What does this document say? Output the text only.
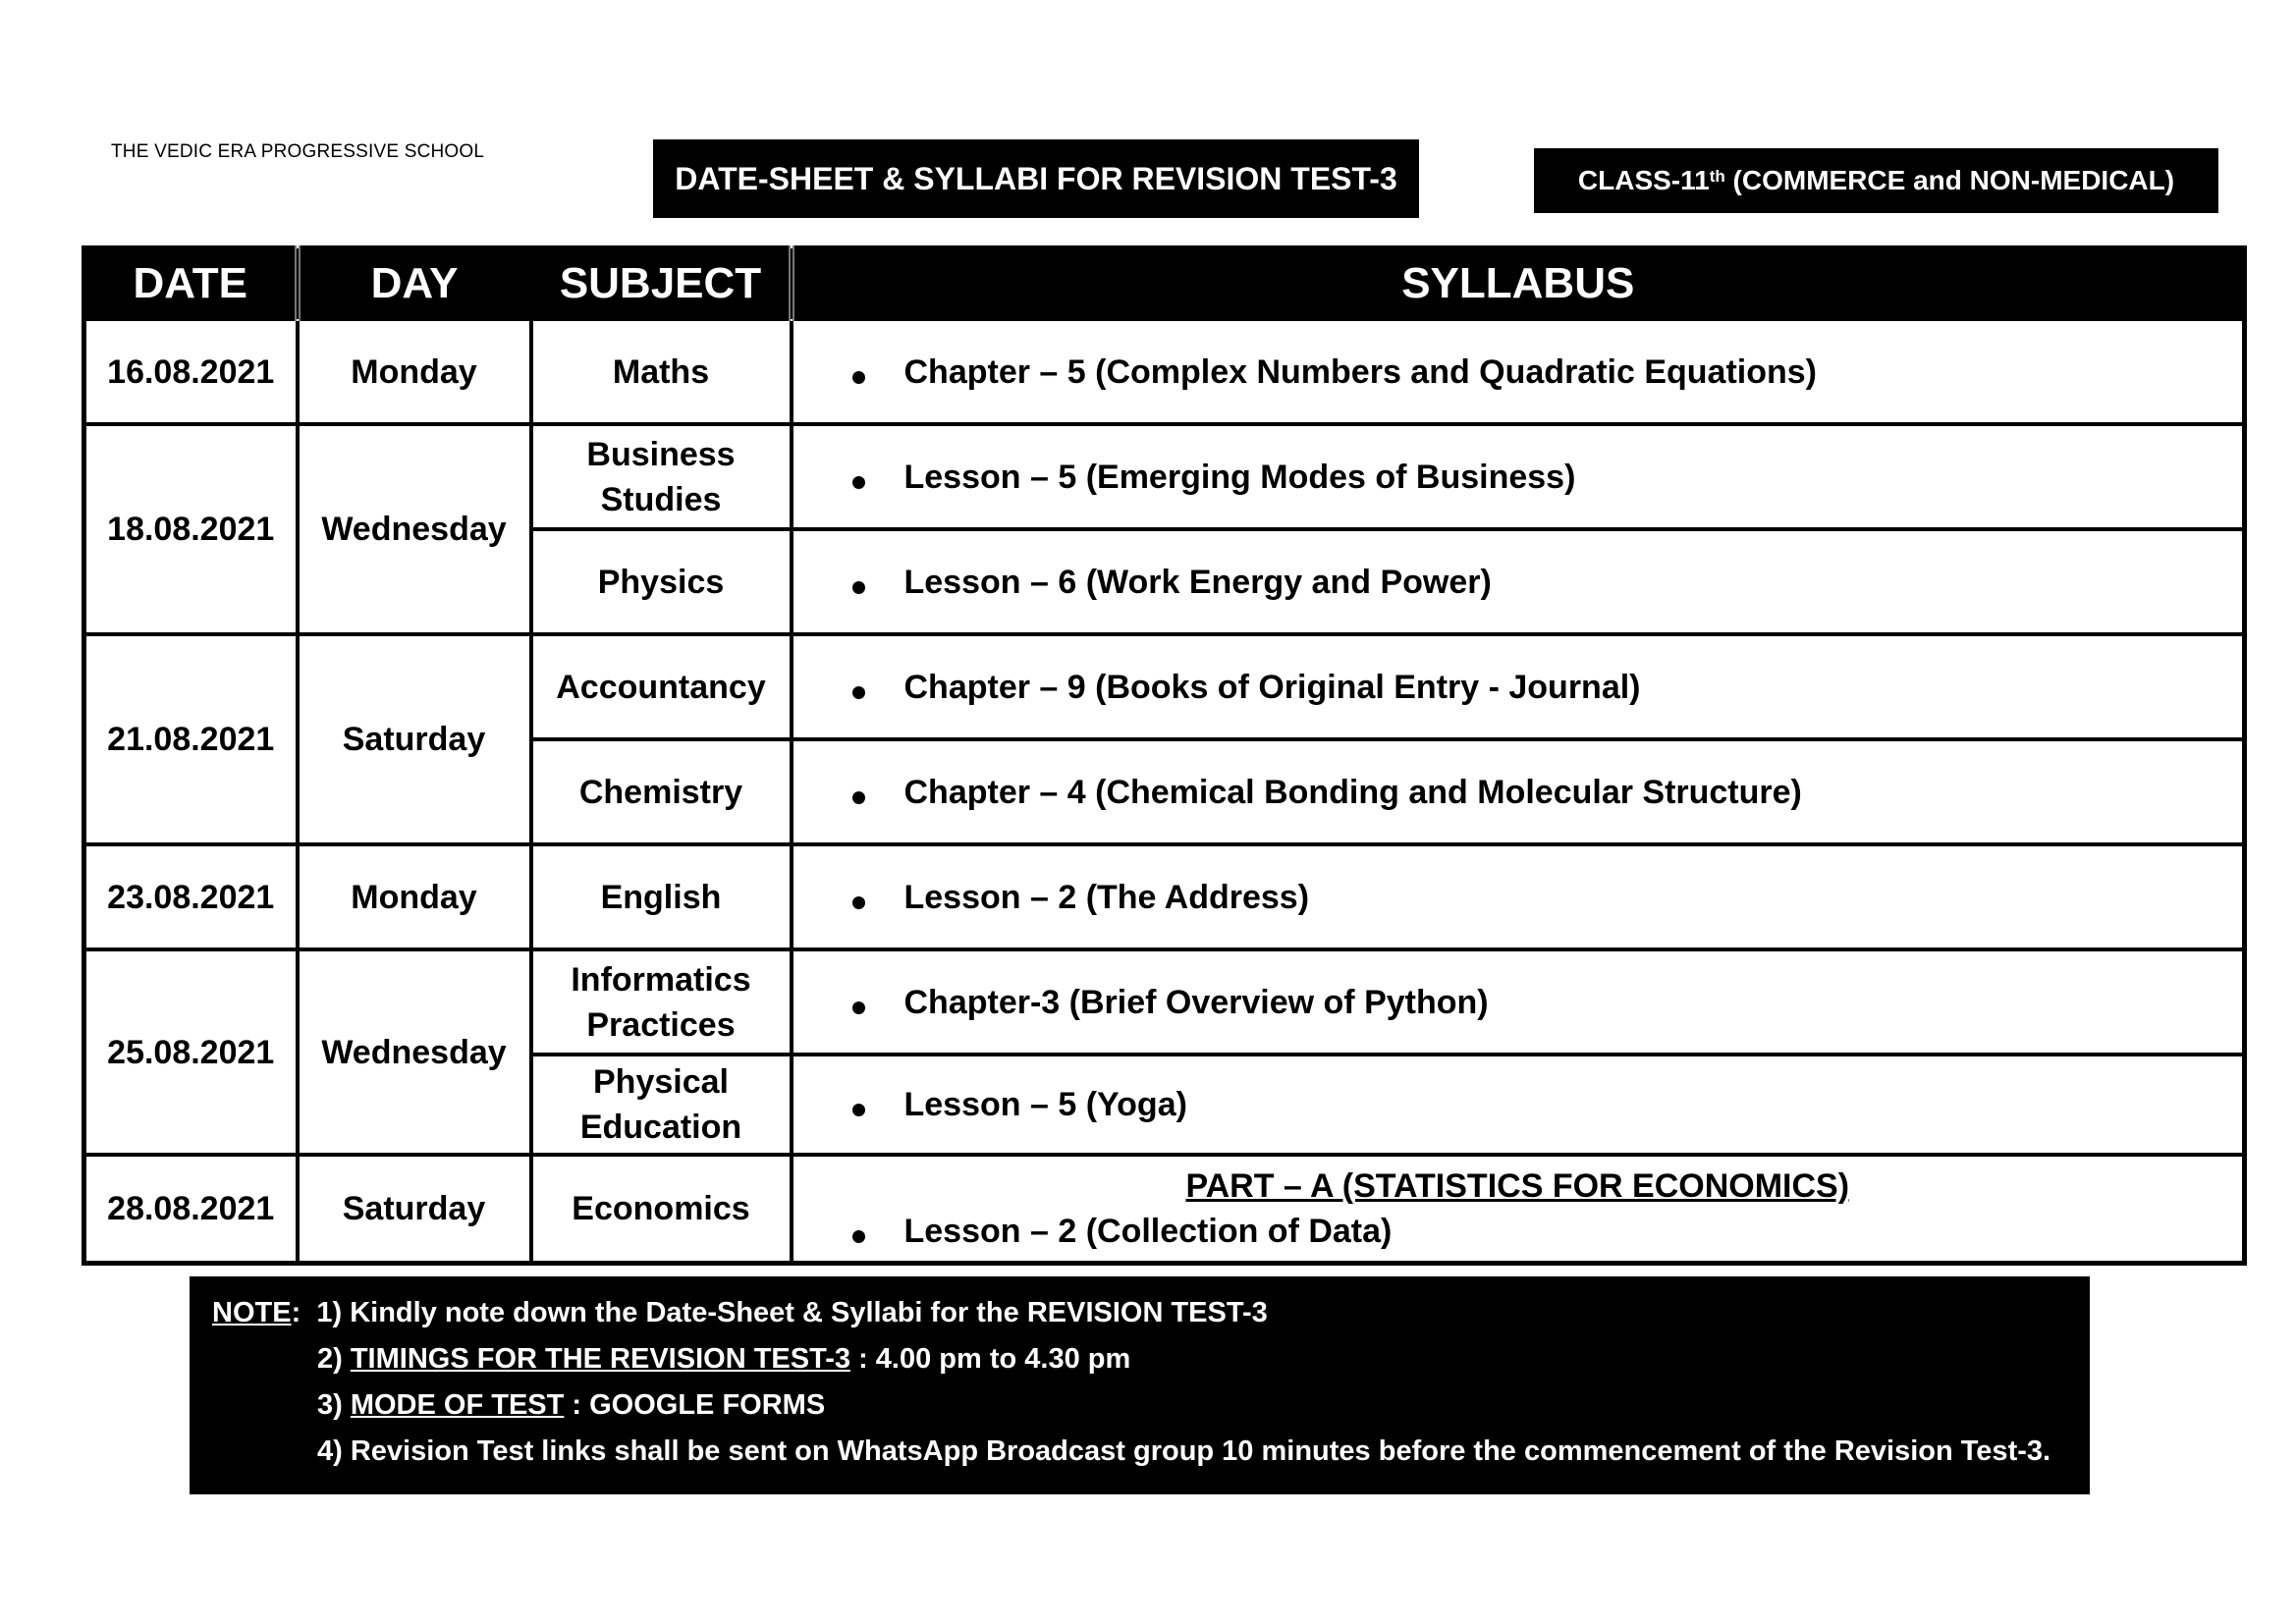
THE VEDIC ERA PROGRESSIVE SCHOOL
DATE-SHEET & SYLLABI FOR REVISION TEST-3	CLASS-11th (COMMERCE and NON-MEDICAL)
DATE	DAY	SUBJECT	SYLLABUS
16.08.2021	Monday	Maths	Chapter – 5 (Complex Numbers and Quadratic Equations)
18.08.2021	Wednesday	Business Studies	Lesson – 5 (Emerging Modes of Business)
		Physics	Lesson – 6 (Work Energy and Power)
21.08.2021	Saturday	Accountancy	Chapter – 9 (Books of Original Entry - Journal)
		Chemistry	Chapter – 4 (Chemical Bonding and Molecular Structure)
23.08.2021	Monday	English	Lesson – 2 (The Address)
25.08.2021	Wednesday	Informatics Practices	Chapter-3 (Brief Overview of Python)
		Physical Education	Lesson – 5 (Yoga)
28.08.2021	Saturday	Economics	PART – A (STATISTICS FOR ECONOMICS)
Lesson – 2 (Collection of Data)
NOTE: 1) Kindly note down the Date-Sheet & Syllabi for the REVISION TEST-3
2) TIMINGS FOR THE REVISION TEST-3 : 4.00 pm to 4.30 pm
3) MODE OF TEST : GOOGLE FORMS
4) Revision Test links shall be sent on WhatsApp Broadcast group 10 minutes before the commencement of the Revision Test-3.
